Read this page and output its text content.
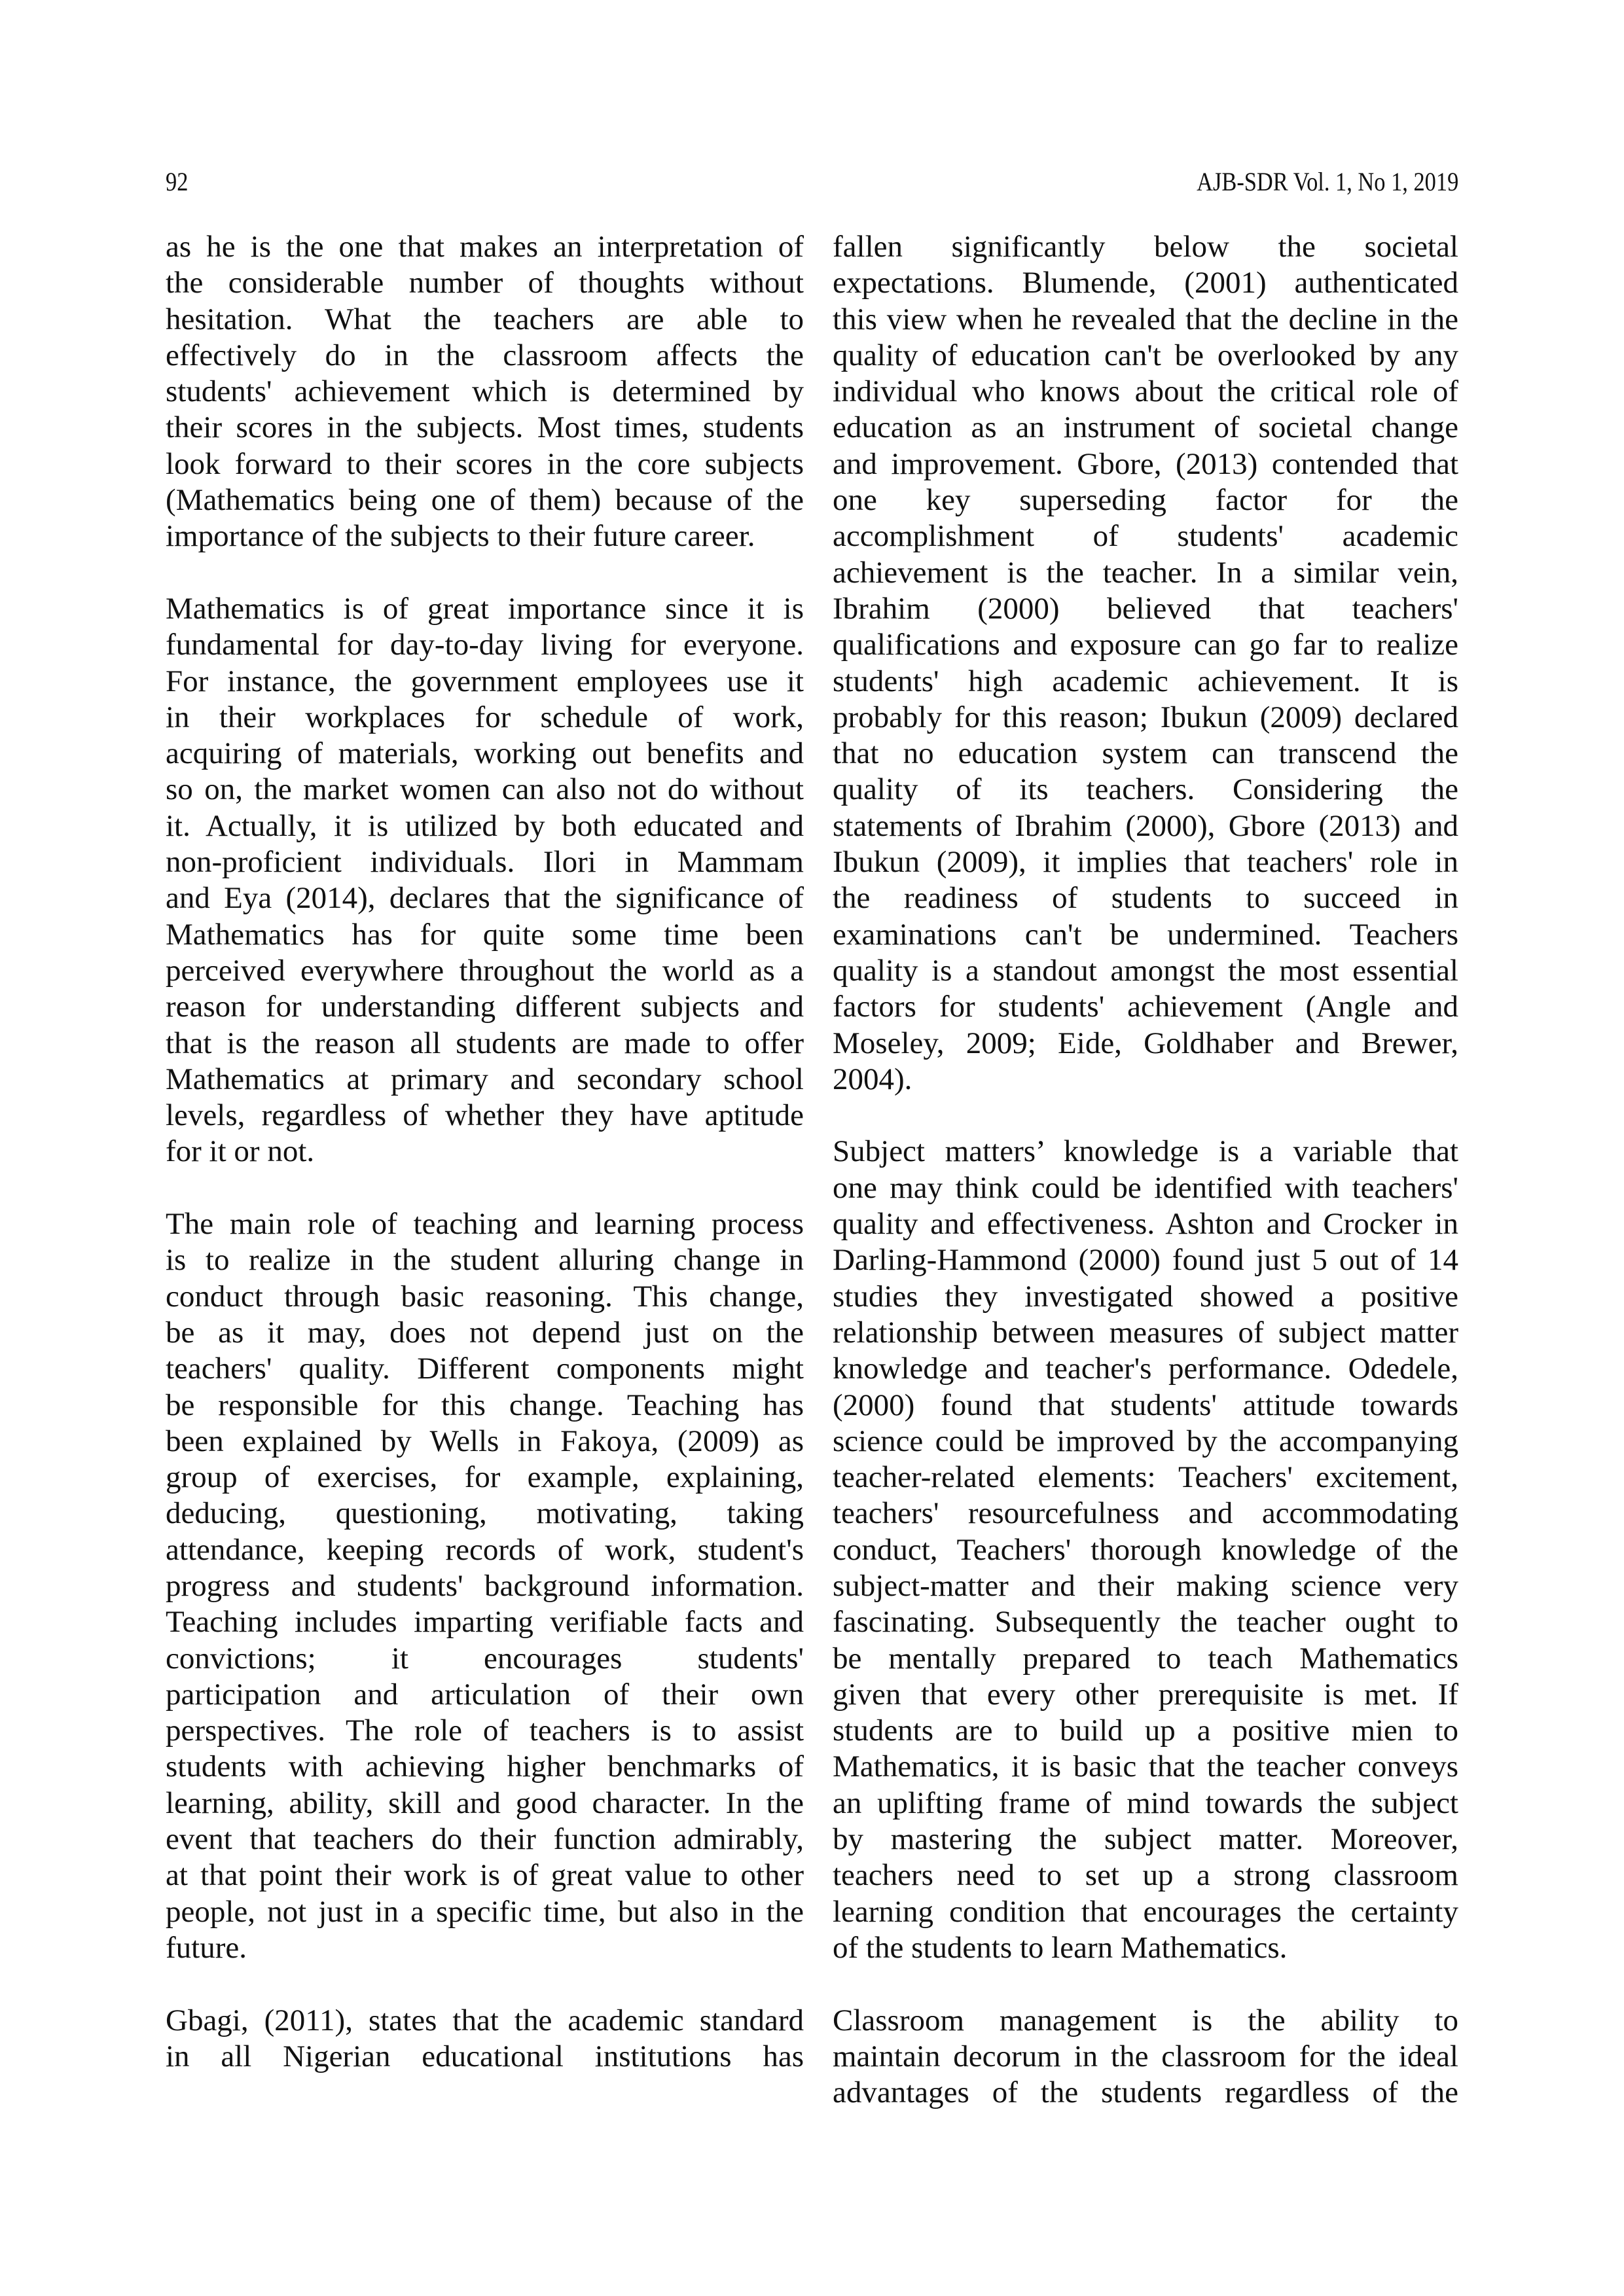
92	AJB-SDR Vol. 1, No 1, 2019

as he is the one that makes an interpretation of
the considerable number of thoughts without
hesitation. What the teachers are able to
effectively do in the classroom affects the
students' achievement which is determined by
their scores in the subjects. Most times, students
look forward to their scores in the core subjects
(Mathematics being one of them) because of the
importance of the subjects to their future career.

Mathematics is of great importance since it is
fundamental for day-to-day living for everyone.
For instance, the government employees use it
in their workplaces for schedule of work,
acquiring of materials, working out benefits and
so on, the market women can also not do without
it. Actually, it is utilized by both educated and
non-proficient individuals. Ilori in Mammam
and Eya (2014), declares that the significance of
Mathematics has for quite some time been
perceived everywhere throughout the world as a
reason for understanding different subjects and
that is the reason all students are made to offer
Mathematics at primary and secondary school
levels, regardless of whether they have aptitude
for it or not.

The main role of teaching and learning process
is to realize in the student alluring change in
conduct through basic reasoning. This change,
be as it may, does not depend just on the
teachers' quality. Different components might
be responsible for this change. Teaching has
been explained by Wells in Fakoya, (2009) as
group of exercises, for example, explaining,
deducing, questioning, motivating, taking
attendance, keeping records of work, student's
progress and students' background information.
Teaching includes imparting verifiable facts and
convictions; it encourages students'
participation and articulation of their own
perspectives. The role of teachers is to assist
students with achieving higher benchmarks of
learning, ability, skill and good character. In the
event that teachers do their function admirably,
at that point their work is of great value to other
people, not just in a specific time, but also in the
future.

Gbagi, (2011), states that the academic standard
in all Nigerian educational institutions has

fallen significantly below the societal
expectations. Blumende, (2001) authenticated
this view when he revealed that the decline in the
quality of education can't be overlooked by any
individual who knows about the critical role of
education as an instrument of societal change
and improvement. Gbore, (2013) contended that
one key superseding factor for the
accomplishment of students' academic
achievement is the teacher. In a similar vein,
Ibrahim (2000) believed that teachers'
qualifications and exposure can go far to realize
students' high academic achievement. It is
probably for this reason; Ibukun (2009) declared
that no education system can transcend the
quality of its teachers. Considering the
statements of Ibrahim (2000), Gbore (2013) and
Ibukun (2009), it implies that teachers' role in
the readiness of students to succeed in
examinations can't be undermined. Teachers
quality is a standout amongst the most essential
factors for students' achievement (Angle and
Moseley, 2009; Eide, Goldhaber and Brewer,
2004).

Subject matters’ knowledge is a variable that
one may think could be identified with teachers'
quality and effectiveness. Ashton and Crocker in
Darling-Hammond (2000) found just 5 out of 14
studies they investigated showed a positive
relationship between measures of subject matter
knowledge and teacher's performance. Odedele,
(2000) found that students' attitude towards
science could be improved by the accompanying
teacher-related elements: Teachers' excitement,
teachers' resourcefulness and accommodating
conduct, Teachers' thorough knowledge of the
subject-matter and their making science very
fascinating. Subsequently the teacher ought to
be mentally prepared to teach Mathematics
given that every other prerequisite is met. If
students are to build up a positive mien to
Mathematics, it is basic that the teacher conveys
an uplifting frame of mind towards the subject
by mastering the subject matter. Moreover,
teachers need to set up a strong classroom
learning condition that encourages the certainty
of the students to learn Mathematics.

Classroom management is the ability to
maintain decorum in the classroom for the ideal
advantages of the students regardless of the
